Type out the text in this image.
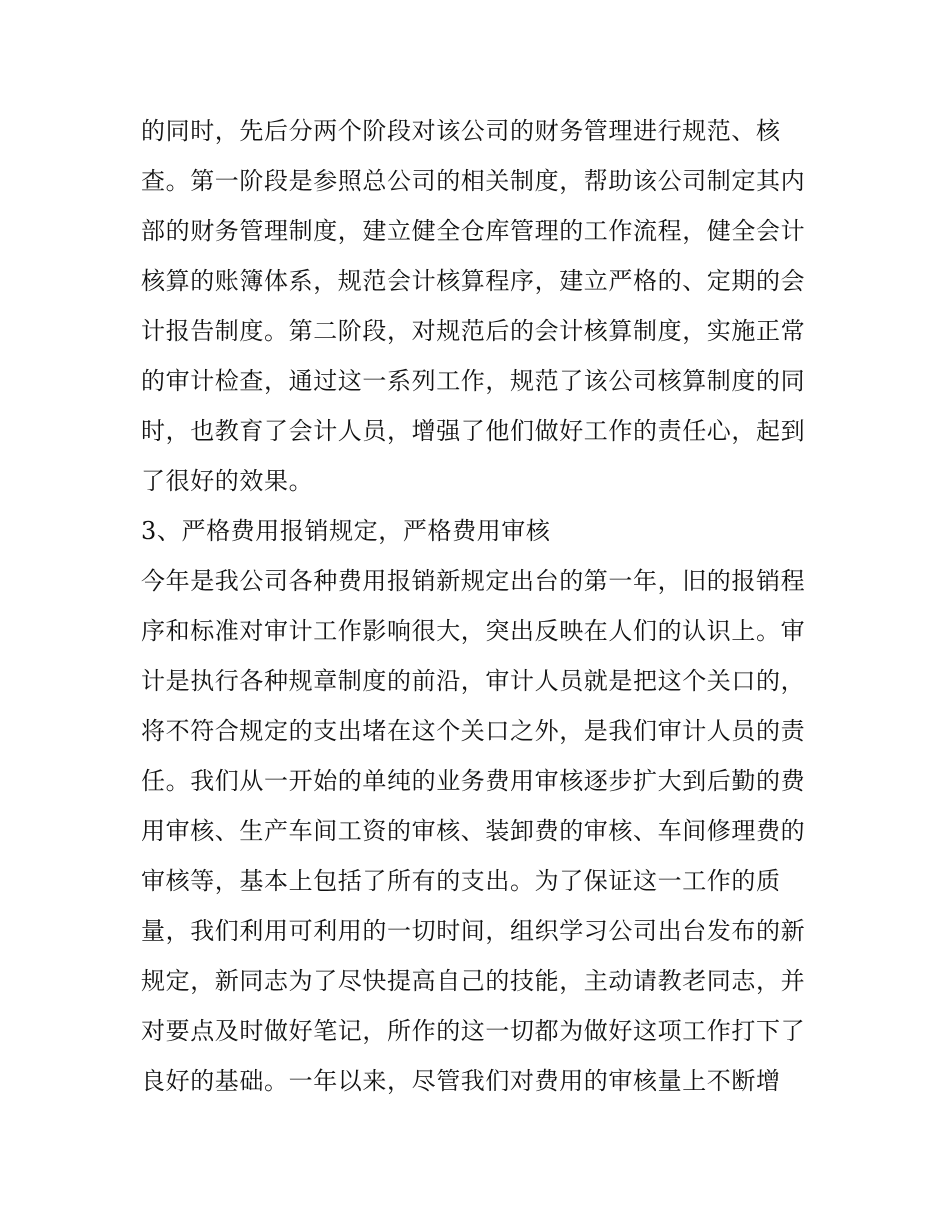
的同时，先后分两个阶段对该公司的财务管理进行规范、核
查。第一阶段是参照总公司的相关制度，帮助该公司制定其内
部的财务管理制度，建立健全仓库管理的工作流程，健全会计
核算的账簿体系，规范会计核算程序，建立严格的、定期的会
计报告制度。第二阶段，对规范后的会计核算制度，实施正常
的审计检查，通过这一系列工作，规范了该公司核算制度的同
时，也教育了会计人员，增强了他们做好工作的责任心，起到
了很好的效果。
3、严格费用报销规定，严格费用审核
今年是我公司各种费用报销新规定出台的第一年，旧的报销程
序和标准对审计工作影响很大，突出反映在人们的认识上。审
计是执行各种规章制度的前沿，审计人员就是把这个关口的，
将不符合规定的支出堵在这个关口之外，是我们审计人员的责
任。我们从一开始的单纯的业务费用审核逐步扩大到后勤的费
用审核、生产车间工资的审核、装卸费的审核、车间修理费的
审核等，基本上包括了所有的支出。为了保证这一工作的质
量，我们利用可利用的一切时间，组织学习公司出台发布的新
规定，新同志为了尽快提高自己的技能，主动请教老同志，并
对要点及时做好笔记，所作的这一切都为做好这项工作打下了
良好的基础。一年以来，尽管我们对费用的审核量上不断增
